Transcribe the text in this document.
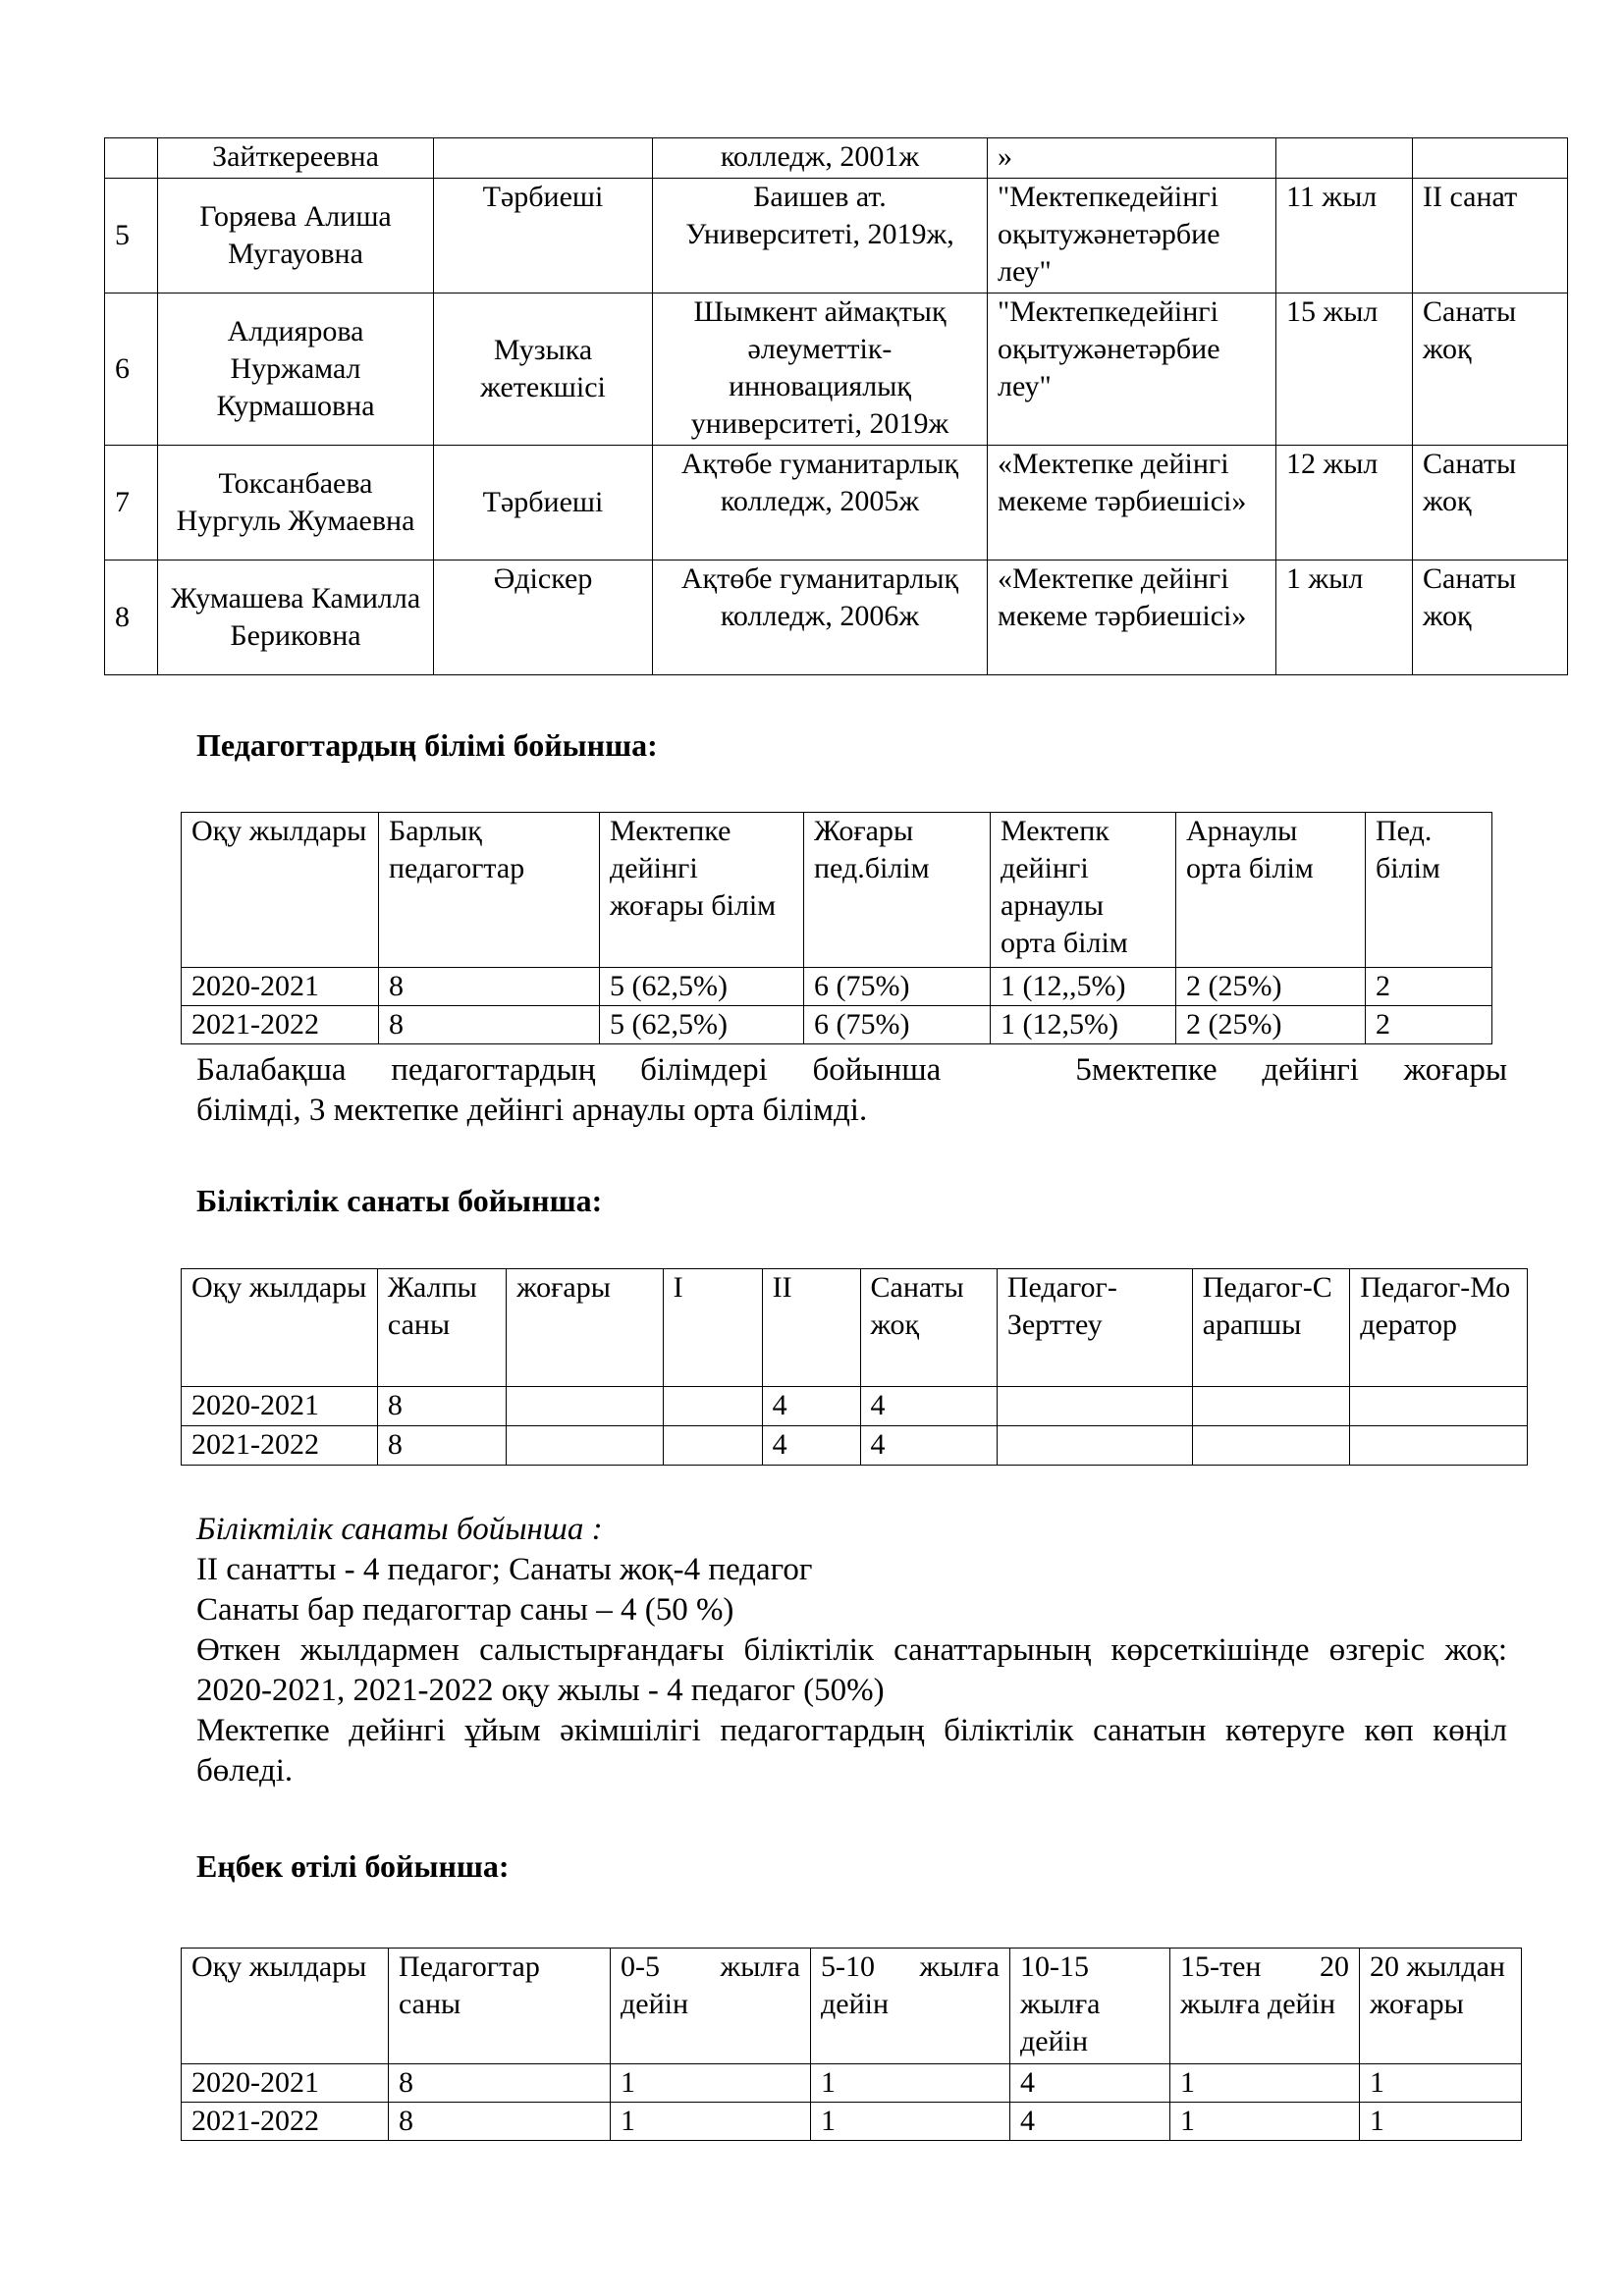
	Зайткереевна		колледж, 2001ж	»		
5	Горяева Алиша Мугауовна	Тәрбиеші	Баишев ат. Университеті, 2019ж,	"Мектепкедейінгі оқытужәнетәрбие леу"	11 жыл	ІІ санат
6	Алдиярова Нуржамал Курмашовна	Музыка жетекшісі	Шымкент аймақтық әлеуметтік-инновациялық университеті, 2019ж	"Мектепкедейінгі оқытужәнетәрбие леу"	15 жыл	Санаты жоқ
7	Токсанбаева Нургуль Жумаевна	Тәрбиеші	Ақтөбе гуманитарлық колледж, 2005ж	«Мектепке дейінгі мекеме тәрбиешісі»	12 жыл	Санаты жоқ
8	Жумашева Камилла Бериковна	Әдіскер	Ақтөбе гуманитарлық колледж, 2006ж	«Мектепке дейінгі мекеме тәрбиешісі»	1 жыл	Санаты жоқ
Педагогтардың білімі бойынша:
Оқу жылдары	Барлық педагогтар	Мектепке дейінгі жоғары білім	Жоғары пед.білім	Мектепк дейінгі арнаулы орта білім	Арнаулы орта білім	Пед. білім
2020-2021	8	5 (62,5%)	6 (75%)	1 (12,,5%)	2 (25%)	2
2021-2022	8	5 (62,5%)	6 (75%)	1 (12,5%)	2 (25%)	2
Балабақша педагогтардың білімдері бойынша   5мектепке дейінгі жоғары
білімді, 3 мектепке дейінгі арнаулы орта білімді.
Біліктілік санаты бойынша:
Оқу жылдары	Жалпы саны	жоғары	І	ІІ	Санаты жоқ	Педагог-Зерттеу	Педагог-Сарапшы	Педагог-Модератор
2020-2021	8			4	4			
2021-2022	8			4	4			
Біліктілік санаты бойынша :
ІІ санатты - 4 педагог; Санаты жоқ-4 педагог
Санаты бар педагогтар саны – 4 (50 %)
Өткен жылдармен салыстырғандағы біліктілік санаттарының көрсеткішінде өзгеріс жоқ: 2020-2021, 2021-2022 оқу жылы - 4 педагог (50%)
Мектепке дейінгі ұйым әкімшілігі педагогтардың біліктілік санатын көтеруге көп көңіл бөледі.
Еңбек өтілі бойынша:
Оқу жылдары	Педагогтар саны	0-5 жылға дейін	5-10 жылға дейін	10-15 жылға дейін	15-тен 20 жылға дейін	20 жылдан жоғары
2020-2021	8	1	1	4	1	1
2021-2022	8	1	1	4	1	1
